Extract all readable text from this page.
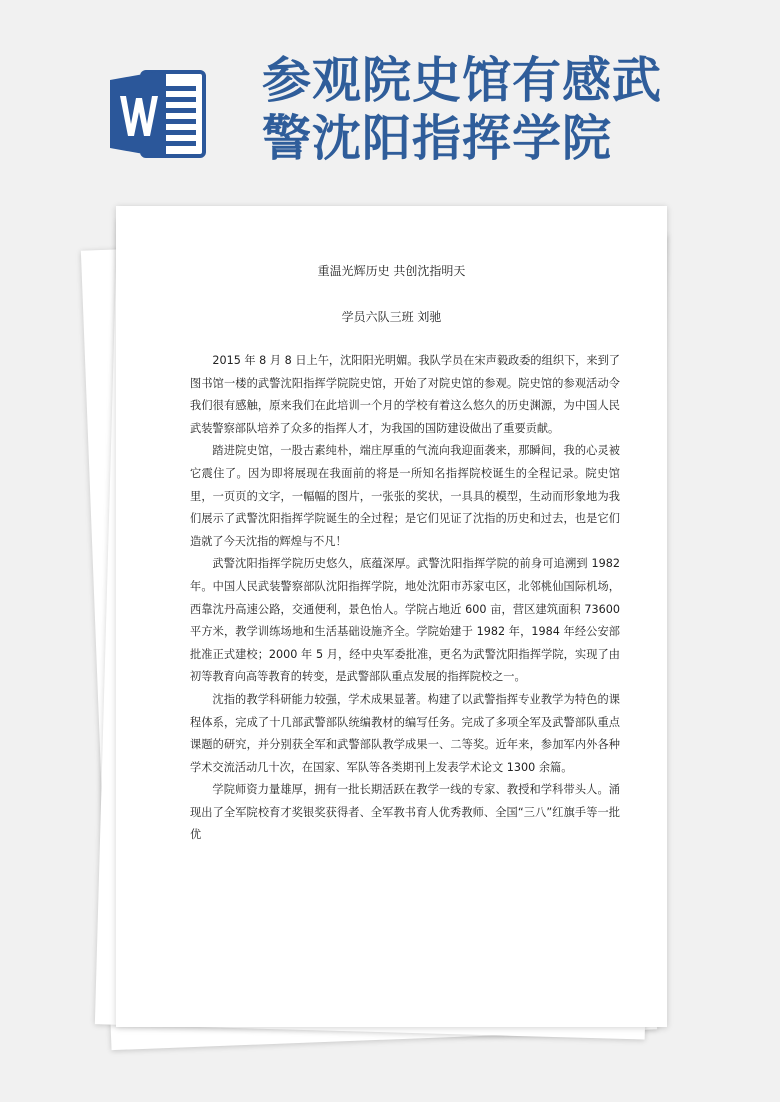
参观院史馆有感武
警沈阳指挥学院
重温光辉历史 共创沈指明天
学员六队三班 刘驰

2015 年 8 月 8 日上午，沈阳阳光明媚。我队学员在宋声毅政委的组织下，来到了图书馆一楼的武警沈阳指挥学院院史馆，开始了对院史馆的参观。院史馆的参观活动令我们很有感触，原来我们在此培训一个月的学校有着这么悠久的历史渊源，为中国人民武装警察部队培养了众多的指挥人才，为我国的国防建设做出了重要贡献。

踏进院史馆，一股古素纯朴，端庄厚重的气流向我迎面袭来，那瞬间，我的心灵被它震住了。因为即将展现在我面前的将是一所知名指挥院校诞生的全程记录。院史馆里，一页页的文字，一幅幅的图片，一张张的奖状，一具具的模型，生动而形象地为我们展示了武警沈阳指挥学院诞生的全过程；是它们见证了沈指的历史和过去，也是它们造就了今天沈指的辉煌与不凡！

武警沈阳指挥学院历史悠久，底蕴深厚。武警沈阳指挥学院的前身可追溯到 1982 年。中国人民武装警察部队沈阳指挥学院，地处沈阳市苏家屯区，北邻桃仙国际机场，西靠沈丹高速公路，交通便利，景色怡人。学院占地近 600 亩，营区建筑面积 73600 平方米，教学训练场地和生活基础设施齐全。学院始建于 1982 年，1984 年经公安部批准正式建校；2000 年 5 月，经中央军委批准，更名为武警沈阳指挥学院，实现了由初等教育向高等教育的转变，是武警部队重点发展的指挥院校之一。

沈指的教学科研能力较强，学术成果显著。构建了以武警指挥专业教学为特色的课程体系，完成了十几部武警部队统编教材的编写任务。完成了多项全军及武警部队重点课题的研究，并分别获全军和武警部队教学成果一、二等奖。近年来，参加军内外各种学术交流活动几十次，在国家、军队等各类期刊上发表学术论文 1300 余篇。

学院师资力量雄厚，拥有一批长期活跃在教学一线的专家、教授和学科带头人。涌现出了全军院校育才奖银奖获得者、全军教书育人优秀教师、全国“三八”红旗手等一批优
